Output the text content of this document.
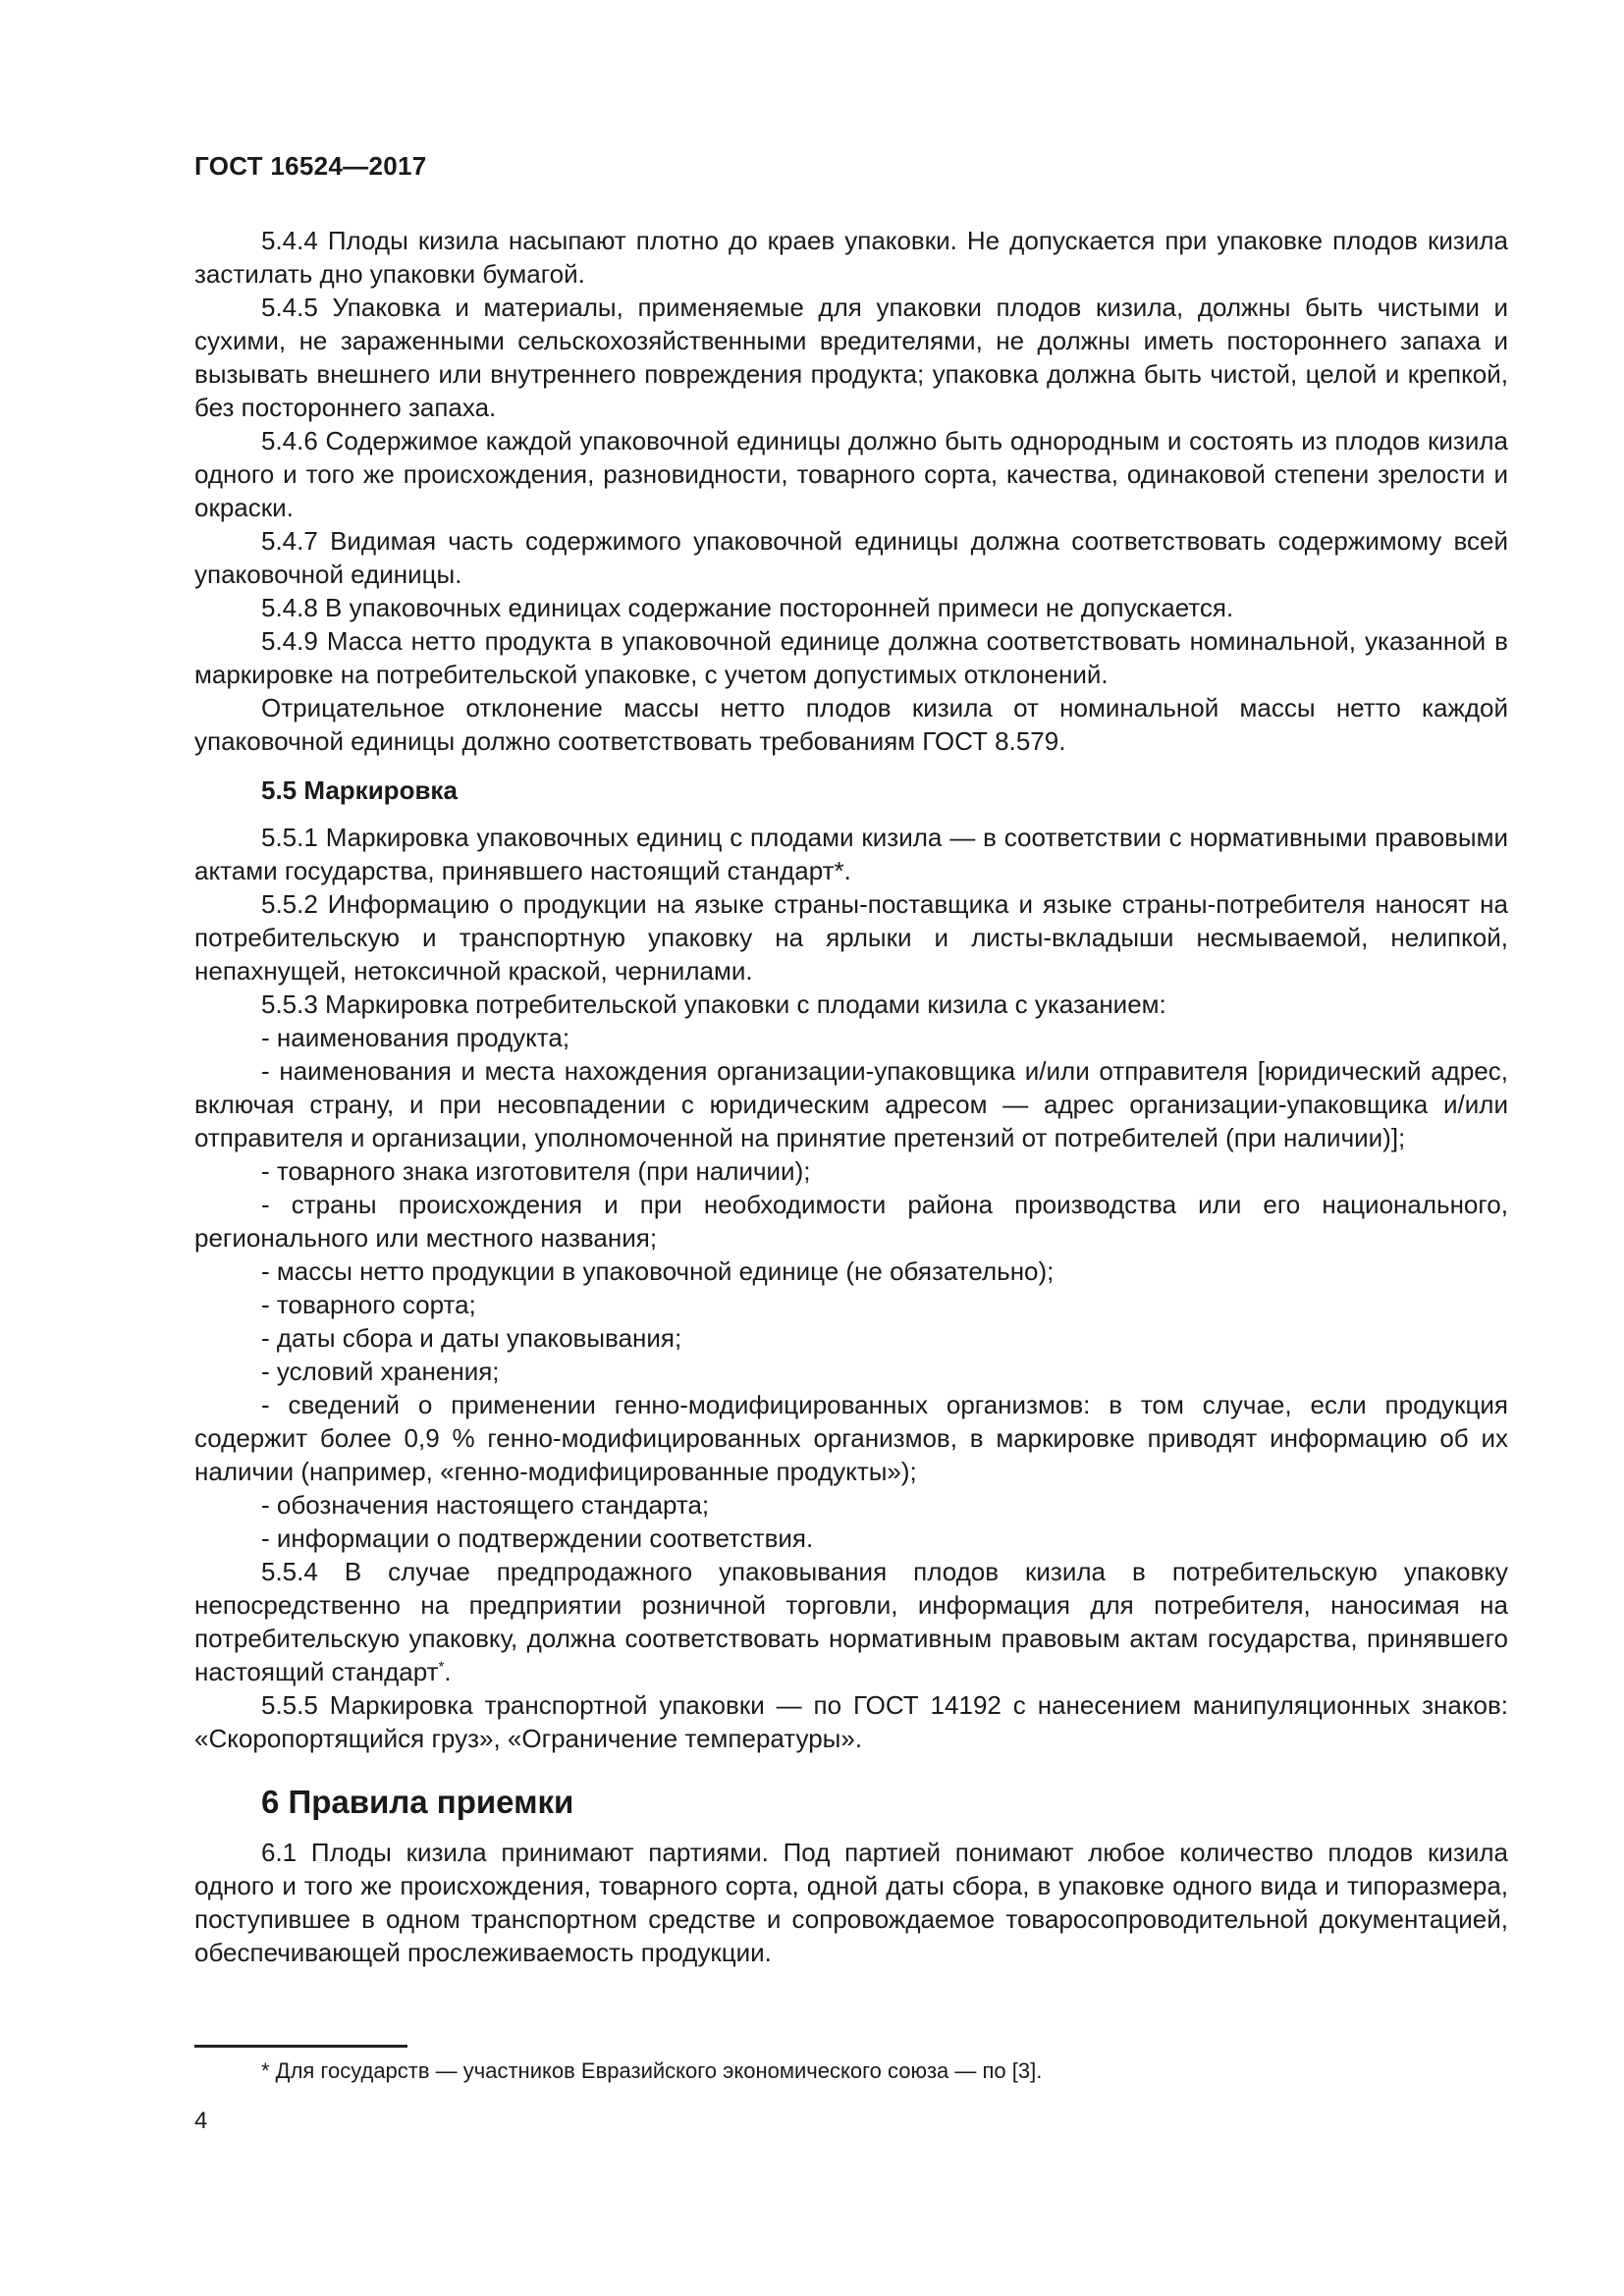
ГОСТ 16524—2017

5.4.4 Плоды кизила насыпают плотно до краев упаковки. Не допускается при упаковке плодов кизила застилать дно упаковки бумагой.

5.4.5 Упаковка и материалы, применяемые для упаковки плодов кизила, должны быть чистыми и сухими, не зараженными сельскохозяйственными вредителями, не должны иметь постороннего запаха и вызывать внешнего или внутреннего повреждения продукта; упаковка должна быть чистой, целой и крепкой, без постороннего запаха.

5.4.6 Содержимое каждой упаковочной единицы должно быть однородным и состоять из плодов кизила одного и того же происхождения, разновидности, товарного сорта, качества, одинаковой степени зрелости и окраски.

5.4.7 Видимая часть содержимого упаковочной единицы должна соответствовать содержимому всей упаковочной единицы.

5.4.8 В упаковочных единицах содержание посторонней примеси не допускается.

5.4.9 Масса нетто продукта в упаковочной единице должна соответствовать номинальной, указанной в маркировке на потребительской упаковке, с учетом допустимых отклонений.

Отрицательное отклонение массы нетто плодов кизила от номинальной массы нетто каждой упаковочной единицы должно соответствовать требованиям ГОСТ 8.579.

5.5 Маркировка

5.5.1 Маркировка упаковочных единиц с плодами кизила — в соответствии с нормативными правовыми актами государства, принявшего настоящий стандарт*.

5.5.2 Информацию о продукции на языке страны-поставщика и языке страны-потребителя наносят на потребительскую и транспортную упаковку на ярлыки и листы-вкладыши несмываемой, нелипкой, непахнущей, нетоксичной краской, чернилами.

5.5.3 Маркировка потребительской упаковки с плодами кизила с указанием:

- наименования продукта;

- наименования и места нахождения организации-упаковщика и/или отправителя [юридический адрес, включая страну, и при несовпадении с юридическим адресом — адрес организации-упаковщика и/или отправителя и организации, уполномоченной на принятие претензий от потребителей (при наличии)];

- товарного знака изготовителя (при наличии);

- страны происхождения и при необходимости района производства или его национального, регионального или местного названия;

- массы нетто продукции в упаковочной единице (не обязательно);

- товарного сорта;

- даты сбора и даты упаковывания;

- условий хранения;

- сведений о применении генно-модифицированных организмов: в том случае, если продукция содержит более 0,9 % генно-модифицированных организмов, в маркировке приводят информацию об их наличии (например, «генно-модифицированные продукты»);

- обозначения настоящего стандарта;

- информации о подтверждении соответствия.

5.5.4 В случае предпродажного упаковывания плодов кизила в потребительскую упаковку непосредственно на предприятии розничной торговли, информация для потребителя, наносимая на потребительскую упаковку, должна соответствовать нормативным правовым актам государства, принявшего настоящий стандарт*.

5.5.5 Маркировка транспортной упаковки — по ГОСТ 14192 с нанесением манипуляционных знаков: «Скоропортящийся груз», «Ограничение температуры».

6 Правила приемки

6.1 Плоды кизила принимают партиями. Под партией понимают любое количество плодов кизила одного и того же происхождения, товарного сорта, одной даты сбора, в упаковке одного вида и типоразмера, поступившее в одном транспортном средстве и сопровождаемое товаросопроводительной документацией, обеспечивающей прослеживаемость продукции.

* Для государств — участников Евразийского экономического союза — по [3].
4
